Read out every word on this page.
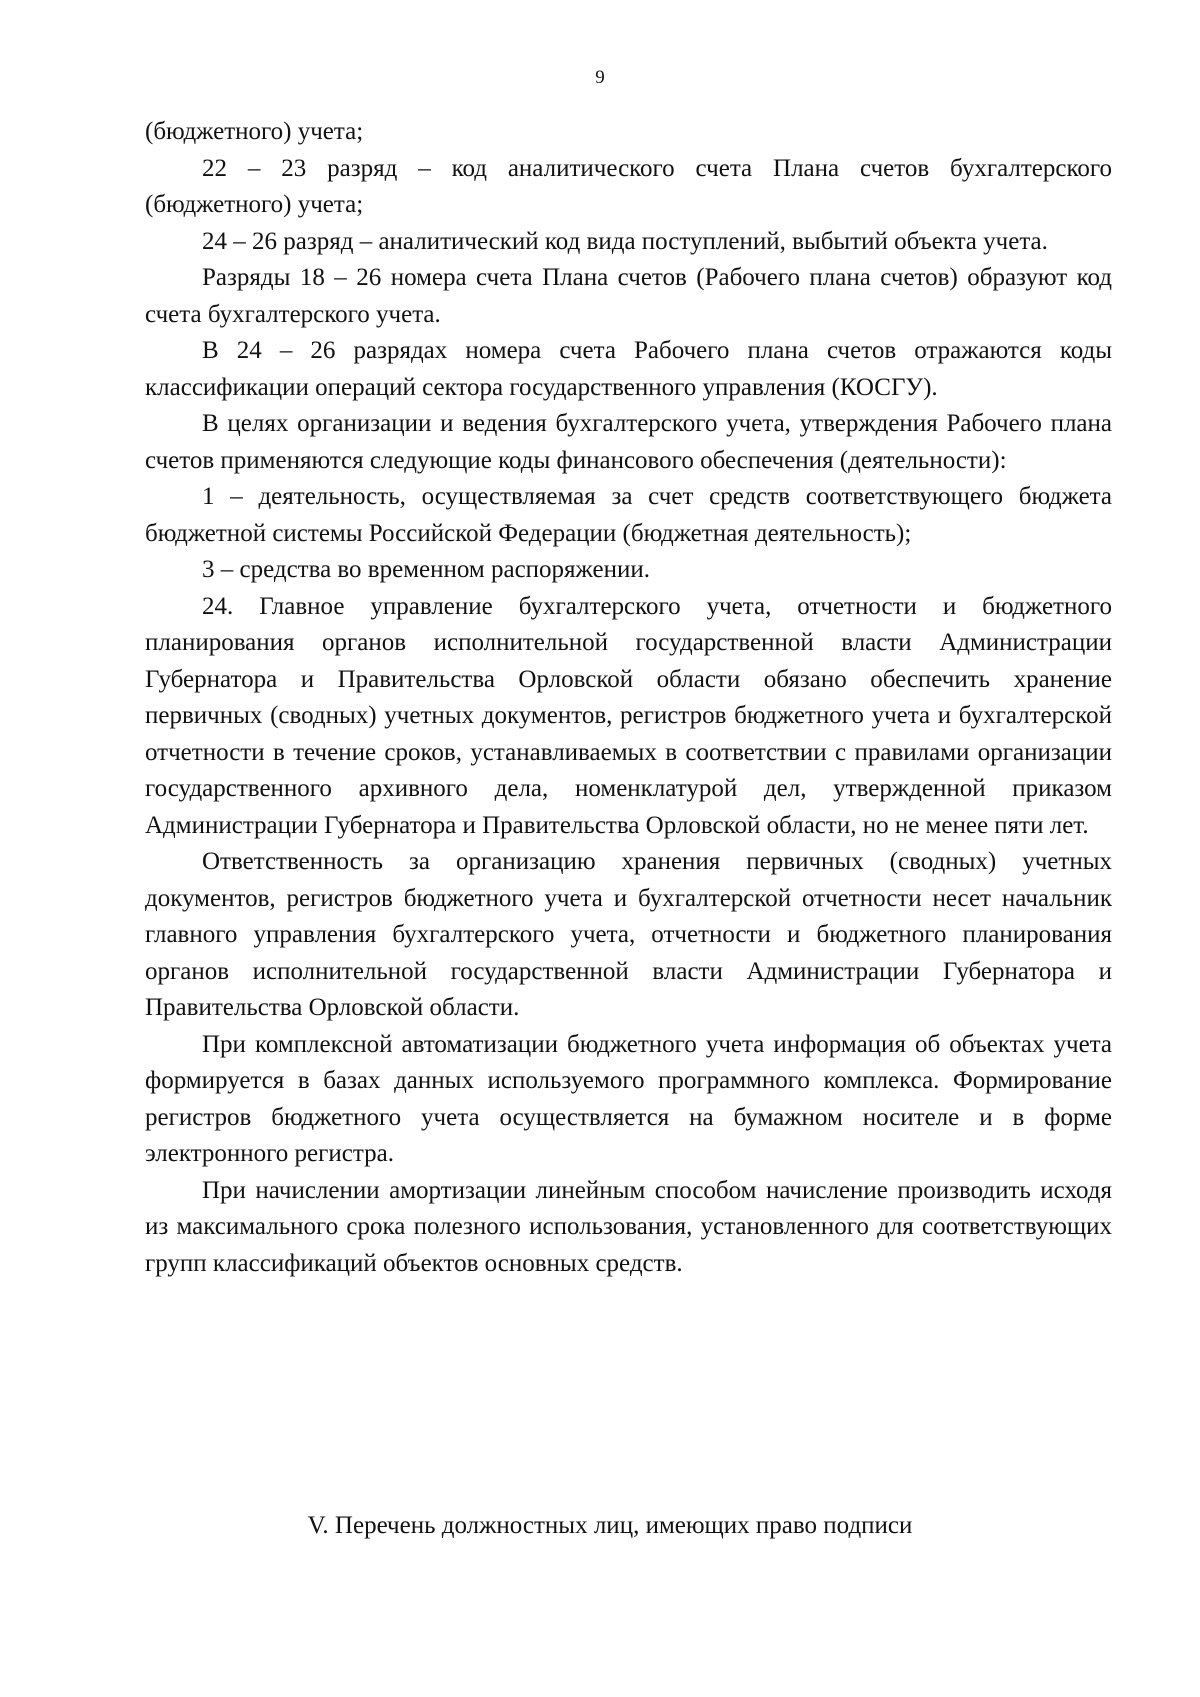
9

(бюджетного) учета;

22 – 23 разряд – код аналитического счета Плана счетов бухгалтерского (бюджетного) учета;

24 – 26 разряд – аналитический код вида поступлений, выбытий объекта учета.

Разряды 18 – 26 номера счета Плана счетов (Рабочего плана счетов) образуют код счета бухгалтерского учета.

В 24 – 26 разрядах номера счета Рабочего плана счетов отражаются коды классификации операций сектора государственного управления (КОСГУ).

В целях организации и ведения бухгалтерского учета, утверждения Рабочего плана счетов применяются следующие коды финансового обеспечения (деятельности):

1 – деятельность, осуществляемая за счет средств соответствующего бюджета бюджетной системы Российской Федерации (бюджетная деятельность);

3 – средства во временном распоряжении.

24. Главное управление бухгалтерского учета, отчетности и бюджетного планирования органов исполнительной государственной власти Администрации Губернатора и Правительства Орловской области обязано обеспечить хранение первичных (сводных) учетных документов, регистров бюджетного учета и бухгалтерской отчетности в течение сроков, устанавливаемых в соответствии с правилами организации государственного архивного дела, номенклатурой дел, утвержденной приказом Администрации Губернатора и Правительства Орловской области, но не менее пяти лет.

Ответственность за организацию хранения первичных (сводных) учетных документов, регистров бюджетного учета и бухгалтерской отчетности несет начальник главного управления бухгалтерского учета, отчетности и бюджетного планирования органов исполнительной государственной власти Администрации Губернатора и Правительства Орловской области.

При комплексной автоматизации бюджетного учета информация об объектах учета формируется в базах данных используемого программного комплекса. Формирование регистров бюджетного учета осуществляется на бумажном носителе и в форме электронного регистра.

При начислении амортизации линейным способом начисление производить исходя из максимального срока полезного использования, установленного для соответствующих групп классификаций объектов основных средств.

V. Перечень должностных лиц, имеющих право подписи
